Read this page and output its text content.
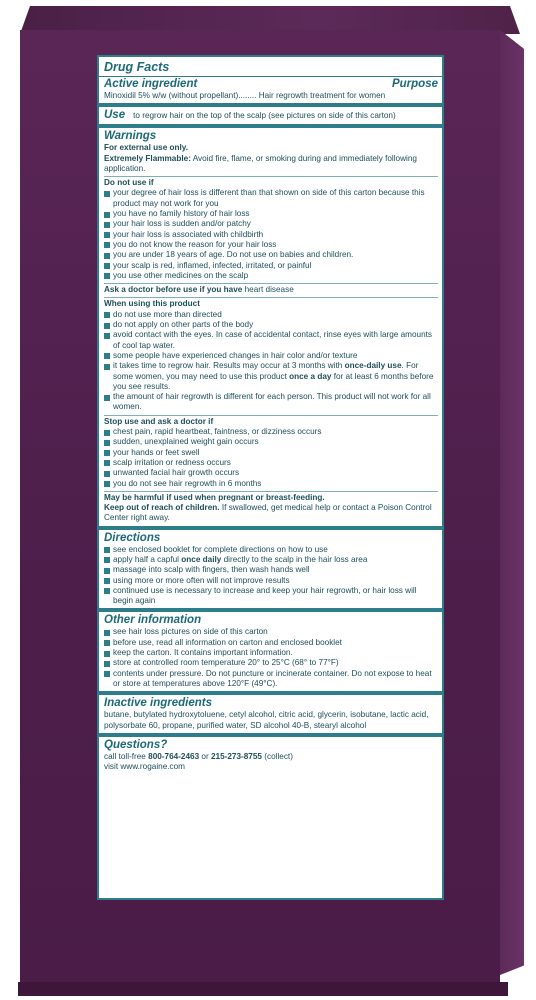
Drug Facts
Active ingredient	Purpose
Minoxidil 5% w/w (without propellant)........ Hair regrowth treatment for women
Use to regrow hair on the top of the scalp (see pictures on side of this carton)
Warnings
For external use only.
Extremely Flammable: Avoid fire, flame, or smoking during and immediately following application.
Do not use if
your degree of hair loss is different than that shown on side of this carton because this product may not work for you
you have no family history of hair loss
your hair loss is sudden and/or patchy
your hair loss is associated with childbirth
you do not know the reason for your hair loss
you are under 18 years of age. Do not use on babies and children.
your scalp is red, inflamed, infected, irritated, or painful
you use other medicines on the scalp
Ask a doctor before use if you have heart disease
When using this product
do not use more than directed
do not apply on other parts of the body
avoid contact with the eyes. In case of accidental contact, rinse eyes with large amounts of cool tap water.
some people have experienced changes in hair color and/or texture
it takes time to regrow hair. Results may occur at 3 months with once-daily use. For some women, you may need to use this product once a day for at least 6 months before you see results.
the amount of hair regrowth is different for each person. This product will not work for all women.
Stop use and ask a doctor if
chest pain, rapid heartbeat, faintness, or dizziness occurs
sudden, unexplained weight gain occurs
your hands or feet swell
scalp irritation or redness occurs
unwanted facial hair growth occurs
you do not see hair regrowth in 6 months
May be harmful if used when pregnant or breast-feeding.
Keep out of reach of children. If swallowed, get medical help or contact a Poison Control Center right away.
Directions
see enclosed booklet for complete directions on how to use
apply half a capful once daily directly to the scalp in the hair loss area
massage into scalp with fingers, then wash hands well
using more or more often will not improve results
continued use is necessary to increase and keep your hair regrowth, or hair loss will begin again
Other information
see hair loss pictures on side of this carton
before use, read all information on carton and enclosed booklet
keep the carton. It contains important information.
store at controlled room temperature 20° to 25°C (68° to 77°F)
contents under pressure. Do not puncture or incinerate container. Do not expose to heat or store at temperatures above 120°F (49°C).
Inactive ingredients
butane, butylated hydroxytoluene, cetyl alcohol, citric acid, glycerin, isobutane, lactic acid, polysorbate 60, propane, purified water, SD alcohol 40-B, stearyl alcohol
Questions?
call toll-free 800-764-2463 or 215-273-8755 (collect)
visit www.rogaine.com
